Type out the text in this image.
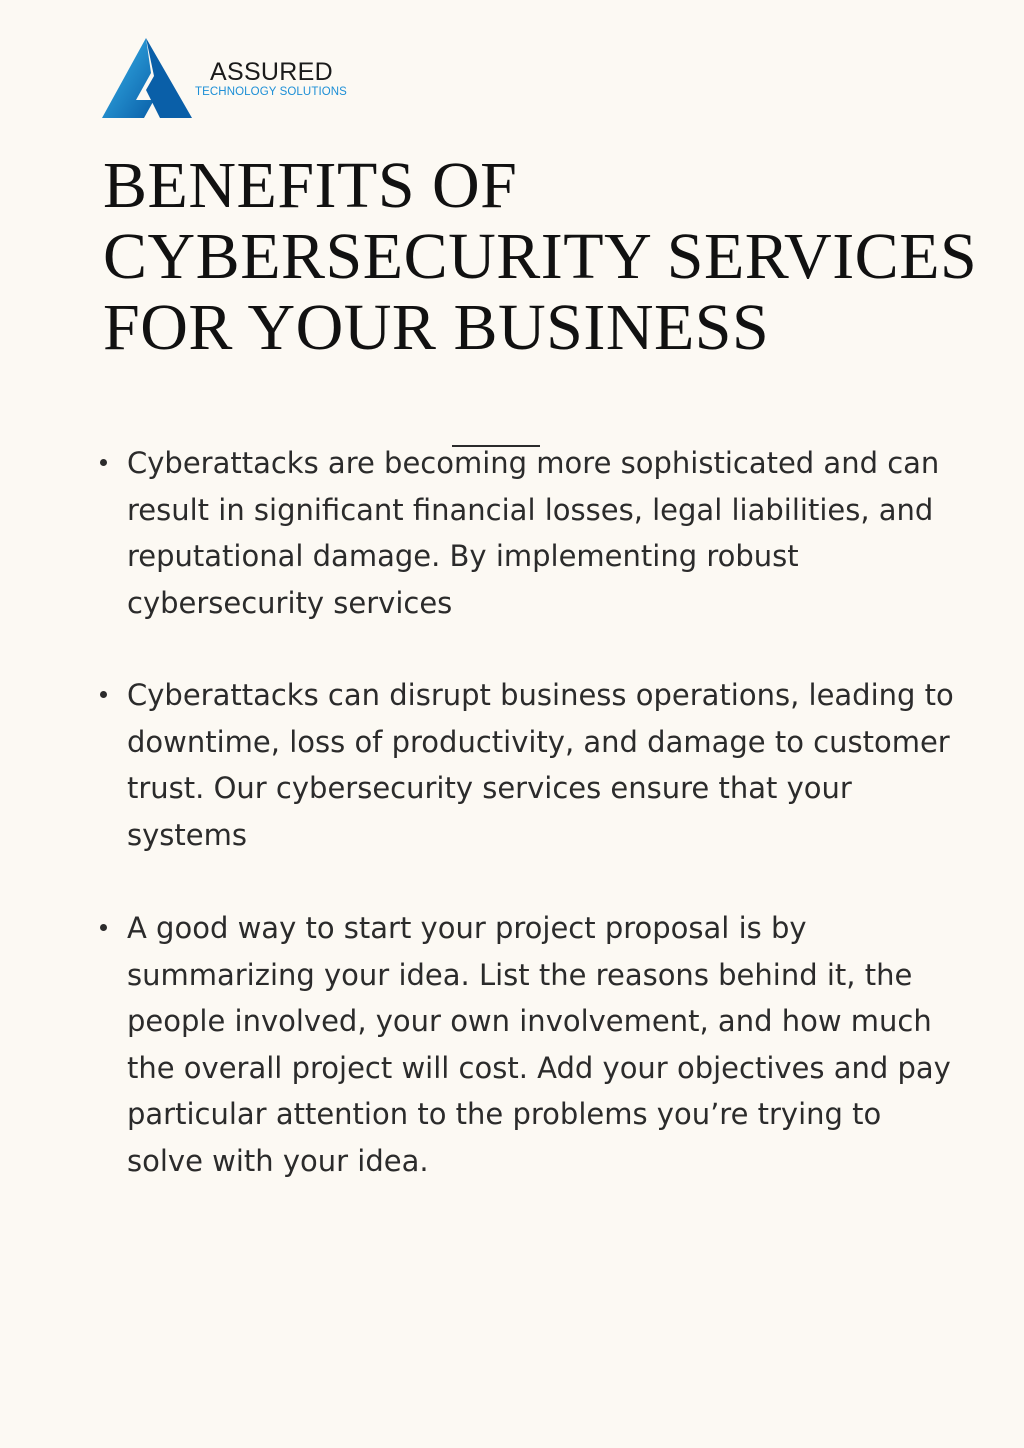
ASSURED
TECHNOLOGY SOLUTIONS
BENEFITS OF
CYBERSECURITY SERVICES
FOR YOUR BUSINESS
Cyberattacks are becoming more sophisticated and can
result in significant financial losses, legal liabilities, and
reputational damage. By implementing robust
cybersecurity services
Cyberattacks can disrupt business operations, leading to
downtime, loss of productivity, and damage to customer
trust. Our cybersecurity services ensure that your
systems
A good way to start your project proposal is by
summarizing your idea. List the reasons behind it, the
people involved, your own involvement, and how much
the overall project will cost. Add your objectives and pay
particular attention to the problems you’re trying to
solve with your idea.
